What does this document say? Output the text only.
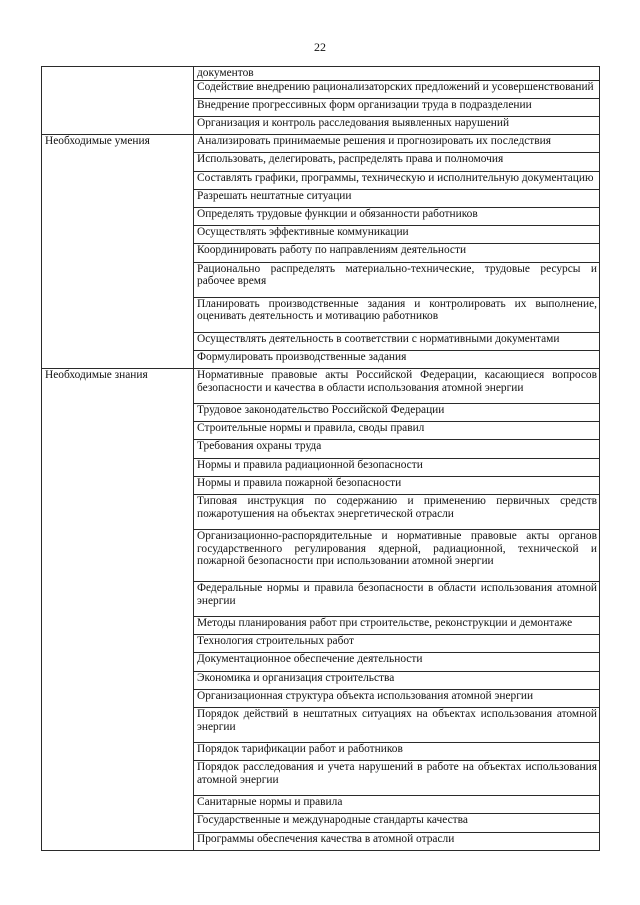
22
	документов
	Содействие внедрению рационализаторских предложений и усовершенствований
	Внедрение прогрессивных форм организации труда в подразделении
	Организация и контроль расследования выявленных нарушений
Необходимые умения	Анализировать принимаемые решения и прогнозировать их последствия
	Использовать, делегировать, распределять права и полномочия
	Составлять графики, программы, техническую и исполнительную документацию
	Разрешать нештатные ситуации
	Определять трудовые функции и обязанности работников
	Осуществлять эффективные коммуникации
	Координировать работу по направлениям деятельности
	Рационально распределять материально-технические, трудовые ресурсы и рабочее время
	Планировать производственные задания и контролировать их выполнение, оценивать деятельность и мотивацию работников
	Осуществлять деятельность в соответствии с нормативными документами
	Формулировать производственные задания
Необходимые знания	Нормативные правовые акты Российской Федерации, касающиеся вопросов безопасности и качества в области использования атомной энергии
	Трудовое законодательство Российской Федерации
	Строительные нормы и правила, своды правил
	Требования охраны труда
	Нормы и правила радиационной безопасности
	Нормы и правила пожарной безопасности
	Типовая инструкция по содержанию и применению первичных средств пожаротушения на объектах энергетической отрасли
	Организационно-распорядительные и нормативные правовые акты органов государственного регулирования ядерной, радиационной, технической и пожарной безопасности при использовании атомной энергии
	Федеральные нормы и правила безопасности в области использования атомной энергии
	Методы планирования работ при строительстве, реконструкции и демонтаже
	Технология строительных работ
	Документационное обеспечение деятельности
	Экономика и организация строительства
	Организационная структура объекта использования атомной энергии
	Порядок действий в нештатных ситуациях на объектах использования атомной энергии
	Порядок тарификации работ и работников
	Порядок расследования и учета нарушений в работе на объектах использования атомной энергии
	Санитарные нормы и правила
	Государственные и международные стандарты качества
	Программы обеспечения качества в атомной отрасли
